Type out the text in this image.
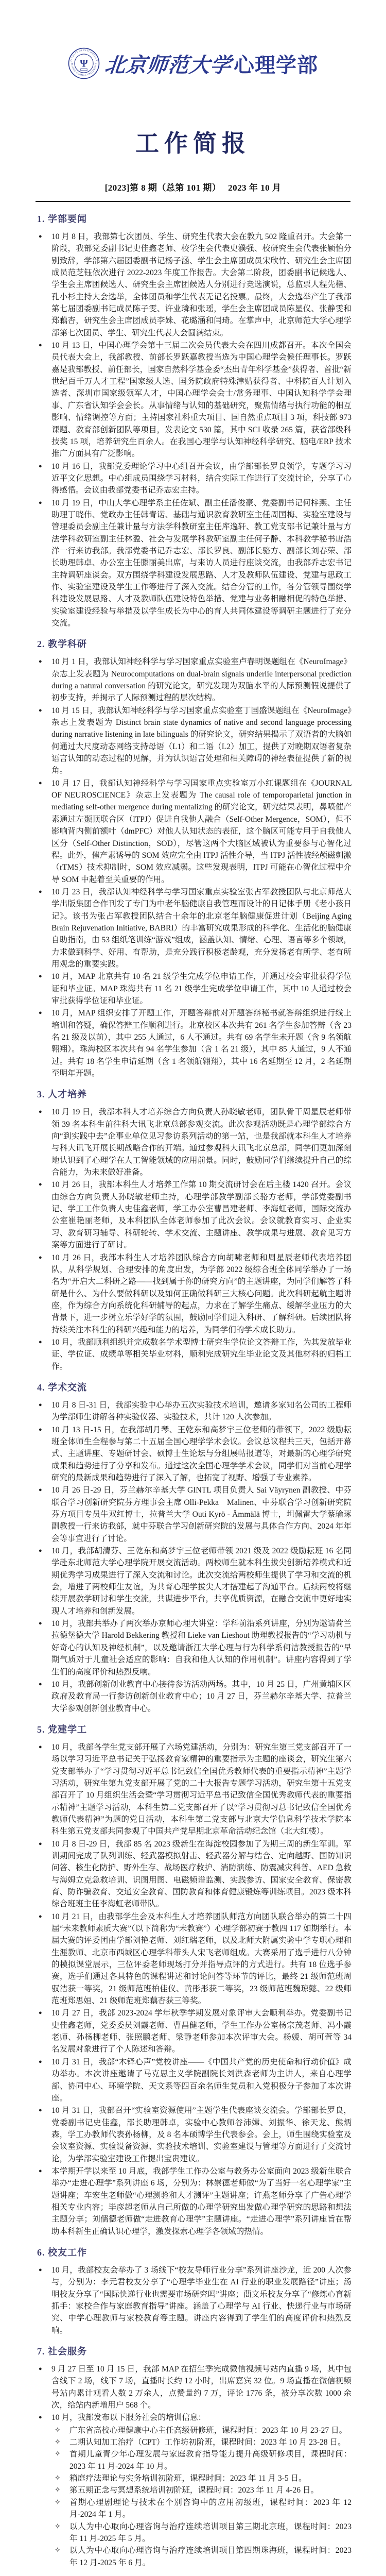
FACULTY OF PSYCHOLOGY
BEIJING NORMAL UNIVERSITY
Ψ 北京师范大学心理学部
工作简报
[2023]第 8 期（总第 101 期）　 2023 年 10 月
1. 学部要闻
● 10 月 8 日，我部第七次团员、学生、研究生代表大会在教九 502 隆重召开。大会第一阶段，我部党委副书记史佳鑫老师、校学生会代表史濮强、校研究生会代表张颖怡分别致辞，学部第六届团委副书记杨子涵、学生会主席团成员宋欣竹、研究生会主席团成员范芝钰依次进行 2022-2023 年度工作报告。大会第二阶段，团委副书记候选人、学生会主席团候选人、研究生会主席团候选人分别进行竞选演说，总监票人程先楷、孔小杉主持大会选举，全体团员和学生代表无记名投票。最终，大会选举产生了我部第七届团委副书记成员陈子雯、许业璘和张瑶，学生会主席团成员陈星仪、张静雯和郑藕杏，研究生会主席团成员李姝、花璐涵和闫琦。在掌声中，北京师范大学心理学部第七次团员、学生、研究生代表大会圆满结束。
● 10 月 13 日，中国心理学会第十三届二次会员代表大会在四川成都召开。本次全国会员代表大会上，我部教授、前部长罗跃嘉教授当选为中国心理学会候任理事长。罗跃嘉是我部教授、前任部长，国家自然科学基金委“杰出青年科学基金”获得者、首批“新世纪百千万人才工程”国家级人选、国务院政府特殊津贴获得者、中科院百人计划入选者、深圳市国家级领军人才，中国心理学会会士/常务理事、中国认知科学学会理事、广东省认知学会会长。从事情绪与认知的基础研究，聚焦情绪与执行功能的相互影响、情绪调控等方面；主持国家社科重大项目、国自然重点项目 3 项，科技部 973 课题、教育部创新团队等项目，发表论文 530 篇，其中 SCI 收录 265 篇，获省部级科技奖 15 项，培养研究生百余人。在我国心理学与认知神经科学研究、脑电/ERP 技术推广方面具有广泛影响。
● 10 月 16 日，我部党委理论学习中心组召开会议，由学部部长罗良领学，专题学习习近平文化思想。中心组成员围绕学习材料，结合实际工作进行了交流讨论，分享了心得感悟。会议由我部党委书记乔志宏主持。
● 10 月 19 日，中山大学心理学系主任佐斌、副主任潘俊豪、党委副书记何梓燕、主任助理丁晓伟、党政办主任韩青诺、基础与通识教育教研室主任周国梅、实验室建设与管理委员会副主任兼计量与方法学科教研室主任库逸轩、教工党支部书记兼计量与方法学科教研室副主任林盈、社会与发展学科教研室副主任何子静、本科教学秘书唐浩洋一行来访我部。我部党委书记乔志宏、部长罗良、副部长骆方、副部长刘春荣、部长助理韩卓、办公室主任滕丽美出席，与来访人员进行座谈交流，由我部乔志宏书记主持调研座谈会。双方围绕学科建设发展思路、人才及教师队伍建设、党建与思政工作、实验室建设及学生工作等进行了深入交流。结合分管的工作，各分管领导围绕学科建设发展思路、人才及教师队伍建设特色举措、党建与业务相融相促的特色举措、实验室建设经验与举措及以学生成长为中心的育人共同体建设等调研主题进行了充分交流。
2. 教学科研
● 10 月 1 日，我部认知神经科学与学习国家重点实验室卢春明课题组在《NeuroImage》杂志上发表题为 Neurocomputations on dual-brain signals underlie interpersonal prediction during a natural conversation 的研究论文，研究发现为双脑水平的人际预测假说提供了初步支持，并揭示了人际预测过程的层次结构。
● 10 月 15 日，我部认知神经科学与学习国家重点实验室丁国盛课题组在《NeuroImage》杂志上发表题为 Distinct brain state dynamics of native and second language processing during narrative listening in late bilinguals 的研究论文，研究结果揭示了双语者的大脑如何通过大尺度动态网络支持母语（L1）和二语（L2）加工，提供了对晚期双语者复杂语言认知的动态过程的见解，并为认识语言处理和相关障碍的神经表征提供了新的视角。
● 10 月 17 日，我部认知神经科学与学习国家重点实验室万小红课题组在《JOURNAL　　OF NEUROSCIENCE》杂志上发表题为 The causal role of temporoparietal junction in mediating self-other mergence during mentalizing 的研究论文，研究结果表明，鼻喷催产素通过左颞顶联合区（lTPJ）促进自我他人融合（Self-Other Mergence，SOM），但不影响背内侧前额叶（dmPFC）对他人认知状态的表征，这个脑区可能专用于自我他人区分（Self-Other Distinction，SOD），尽管这两个大脑区域被认为重要参与心智化过程。此外，催产素诱导的 SOM 效应完全由 lTPJ 活性介导，当 lTPJ 活性被经颅磁刺激（rTMS）技术抑制时，SOM 效应减弱。这些发现表明，lTPJ 可能在心智化过程中介导 SOM 中起着至关重要的作用。
● 10 月 23 日，我部认知神经科学与学习国家重点实验室张占军教授团队与北京师范大学出版集团合作刊发了专门为中老年脑健康自我管理而设计的日记体手册《老小孩日记》。该书为张占军教授团队结合十余年的北京老年脑健康促进计划（Beijing Aging Brain Rejuvenation Initiative, BABRI）的丰富研究成果形成的科学化、生活化的脑健康自助指南，由 53 组纸笔训练“游戏”组成，涵盖认知、情绪、心理、语言等多个领域，力求做到科学、好用、有帮助，是充分践行积极老龄观，充分发扬老有所学、老有所用观念的重要实践。
● 10 月，MAP 北京共有 10 名 21 级学生完成学位申请工作，并通过校会审批获得学位证和毕业证。MAP 珠海共有 11 名 21 级学生完成学位申请工作，其中 10 人通过校会审批获得学位证和毕业证。
● 10 月，MAP 组织安排了开题工作，开题答辩前对开题答辩秘书就答辩组织进行线上培训和答疑，确保答辩工作顺利进行。北京校区本次共有 261 名学生参加答辩（含 23 名 21 级及以前），其中 255 人通过，6 人不通过。共有 69 名学生未开题（含 9 名领航翱翔）。珠海校区本次共有 94 名学生参加（含 1 名 21 级），其中 85 人通过，9 人不通过。共有 18 名学生申请延期（含 1 名领航翱翔），其中 16 名延期至 12 月，2 名延期至明年开题。
3. 人才培养
● 10 月 19 日，我部本科人才培养综合方向负责人孙晓敏老师，团队骨干周星辰老师带领 39 名本科生前往科大讯飞北京总部参观交流。此次参观活动既是心理学部综合方向“到实践中去”企事业单位见习参访系列活动的第一站，也是我部就本科生人才培养与科大讯飞开展长期战略合作的开端。通过参观科大讯飞北京总部，同学们更加深刻地认识到了心理学在人工智能领域的应用前景。同时，鼓励同学们继续提升自己的综合能力，为未来做好准备。
● 10 月 26 日，我部本科生人才培养工作第 10 期交流研讨会在后主楼 1420 召开。会议由综合方向负责人孙晓敏老师主持，心理学部教学副部长骆方老师，学部党委副书记、学工工作负责人史佳鑫老师，学工办公室曹昌建老师、李海虹老师，国际交流办公室崔艳丽老师，及本科团队全体老师参加了此次会议。会议就教育实习、企业实习、教育研习辅导、科研轮转、学术交流、主题讲座、教学成果与进展、教育见习方案等方面进行了研讨。
● 10 月 26 日，我部本科生人才培养团队综合方向胡啸老师和周星辰老师代表培养团队，从科学规划、合理安排的角度出发，为学部 2022 级综合班全体同学举办了一场名为“开启大二科研之路——找到属于你的研究方向”的主题讲座，为同学们解答了科研是什么、为什么要做科研以及如何正确做科研三大核心问题。此次科研起航主题讲座，作为综合方向系统化科研辅导的起点，力求在了解学生痛点、缓解学业压力的大背景下，进一步树立乐学好学的氛围，鼓励同学们进入科研、了解科研。后续团队将持续关注本科生的科研兴趣和能力的培养，为同学们的学术成长助力。
● 10 月，我部顺利组织并完成数名学术型博士研究生学位论文答辩工作，为其发放毕业证、学位证、成绩单等相关毕业材料，顺利完成研究生毕业论文及其他材料的归档工作。
4. 学术交流
● 10 月 8 日-31 日，我部实验中心举办五次实验技术培训，邀请多家知名公司的工程师为学部师生讲解各种实验仪器、实验技术，共计 120 人次参加。
● 10 月 13 日-15 日，在我部胡月琴、王乾东和高梦宇三位老师的带领下，2022 级励耘班全体师生全程参与第二十五届全国心理学学术会议。会议总议程共三天，包括开幕式、主题讲座、专题研讨会、硕博士生论坛与分组展帖报道等，对最新的心理学研究成果和趋势进行了分享和发布。通过这次全国心理学学术会议，同学们对当前心理学研究的最新成果和趋势进行了深入了解，也拓宽了视野、增强了专业素养。
● 10 月 26 日-29 日，芬兰赫尔辛基大学 GINTL 项目负责人 Sai Väyrynen 副教授、中芬联合学习创新研究院芬方理事会主席 Olli-Pekka　Malinen、中芬联合学习创新研究院芬方项目专员牛双红博士，拉普兰大学 Outi Kyrö - Ämmälä 博士，坦佩雷大学蔡瑜琢副教授一行来访我部，就中芬联合学习创新研究院的发展与具体合作方向、2024 年年会等事宜进行了讨论。
● 10 月，我部胡清芬、王乾东和高梦宇三位老师带领 2021 级及 2022 级励耘班 16 名同学赴东北师范大学心理学院开展交流活动。两校师生就本科生拔尖创新培养模式和近期优秀学习成果进行了深入交流和讨论。此次交流给两校师生提供了学习和交流的机会，增进了两校师生友谊，为共育心理学拔尖人才搭建起了沟通平台。后续两校将继续开展教学研讨和学生交流，共谋进步平台，共享优质资源，在融合交流中更好地实现人才培养和创新发展。
● 10 月，我部共举办了两次举办京师心理大讲堂：学科前沿系列讲座，分别为邀请荷兰拉德堡德大学 Harold Bekkering 教授和 Lieke van Lieshout 助理教授报告的“学习动机与好奇心的认知及神经机制”，以及邀请浙江大学心理与行为科学系何洁教授报告的“早期气质对于儿童社会适应的影响：自我和他人认知的作用机制”。讲座内容得到了学生们的高度评价和热烈反响。
● 10 月，我部创新创业教育中心接待参访活动两场。其中，10 月 25 日，广州黄埔区区政府及教育局一行参访创新创业教育中心；10 月 27 日，芬兰赫尔辛基大学、拉普兰大学参观创新创业教育中心。
5. 党建学工
● 10 月，我部各学生党支部开展了六场党建活动，分别为：研究生第三党支部召开了一场以学习习近平总书记关于弘扬教育家精神的重要指示为主题的座谈会，研究生第六党支部举办了“学习贯彻习近平总书记致信全国优秀教师代表的重要指示精神”主题学习活动，研究生第九党支部开展了党的二十大报告专题学习活动，研究生第十五党支部召开了 10 月组织生活会暨“学习贯彻习近平总书记致信全国优秀教师代表的重要指示精神”主题学习活动，本科生第二党支部召开了以“学习贯彻习总书记致信全国优秀教师代表精神”为题的党日活动，本科生第二党支部与北京大学信息科学技术学院本科生第五党支部共同参观了中国共产党早期北京革命活动纪念馆（北大红楼）。
● 10 月 8 日-29 日，我部 85 名 2023 级新生在海淀校园参加了为期三周的新生军训。军训期间完成了队列训练、轻武器模拟射击、轻武器分解与结合、定向越野、国防知识问答、核生化防护、野外生存、战场医疗救护、消防演练、防震减灾科普、AED 急救与海姆立克急救培训、识图用图、电磁频谱监测、实践参访、国家安全教育、保密教育、防诈骗教育、交通安全教育、国防教育和体育健康锻炼等训练项目。2023 级本科综合班班主任李海虹老师带队。
● 10 月 21 日，由我部学生会及本科生人才培养团队师范方向团队联合举办的第二十四届“未来教师素质大赛”（以下简称为“未教赛”）心理学部初赛于教四 117 如期举行。本届大赛的评委团由学部刘艳老师、刘红瑞老师，以及北师大附属实验中学专职心理和生涯教师、北京市西城区心理学科带头人宋飞老师组成。大赛采用了选手进行八分钟的模拟课堂展示，三位评委老师现场打分并指导点评的方式进行。共有 18 位选手参赛，选手们通过各具特色的课程讲述和讨论问答等环节的评比，最终 21 级师范班周驭洁获一等奖，21 级师范班柏佳仪、黄彤彤获二等奖，23 级师范班魏琼懿、22 级师范班郑思姮、21 级师范班郑藕杏获三等奖。
● 10 月 27 日，我部 2023-2024 学年秋季学期发展对象评审大会顺利举办。党委副书记史佳鑫老师，党委委员刘霞老师、曹昌健老师，学生工作办公室杨宗茂老师、冯小霞老师、孙杨柳老师、张照鹏老师、梁静老师参加本次评审大会。杨媛、胡可萱等 34 名发展对象进行了个人陈述和答辩。
● 10 月 31 日，我部“木铎心声”党校讲座——《中国共产党的历史使命和行动价值》成功举办。本次讲座邀请了马克思主义学院副院长刘洪森老师为主讲人，来自心理学部、协同中心、环境学院、天文系等四百余名师生党员和入党积极分子参加了本次讲座。
● 10 月 31 日，我部召开“实验室资源使用”主题学生代表座谈交流会。学部部长罗良，党委副书记史佳鑫，部长助理韩卓，实验中心教师谷沛嫦、刘振华、徐天龙、熊炳森，学工办教师代表孙杨柳，及 8 名本硕博学生代表参会。会上，师生围绕实验室及会议室资源、实验设备资源、实验技术培训、实验室建设与管理等方面进行了交流讨论，为学部实验室建设工作提出宝贵建议。
● 本学期开学以来至 10 月底，我部学生工作办公室与教务办公室面向 2023 级新生联合举办“走进心理学”系列讲座 6 场，分别为：林崇德老师做“为了当好一名心理学家”主题讲座；车宏生老师做“心理测验和人才测评”主题讲座；许燕老师分享了广告心理学相关专业内容；毕彦超老师从自己所做的心理学研究出发做心理学研究的思路和想法主题分享；刘儒德老师做“走进教育心理学”主题讲座。“走进心理学”系列讲座旨在帮助本科新生正确认识心理学，激发探索心理学各领域的热情。
6. 校友工作
● 10 月，我部校友会举办了 3 场线下“校友导师行业分享”系列讲座沙龙，近 200 人次参与，分别为：李元君校友分享了“心理学毕业生在 AI 行业的职业发展路径”讲座；汤明校友分享了“国际快递行业也需要市场研究吗”讲座；蔄文乐校友分享了“修炼心育新抓手：家校合作与家庭教育指导”讲座。涵盖了心理学与 AI 行业、快递行业与市场研究、中学心理教师与家校教育等主题。讲座内容得到了学生们的高度评价和热烈反响。
7. 社会服务
● 9 月 27 日至 10 月 15 日，我部 MAP 在招生季完成微信视频号站内直播 9 场，其中包含线下 2 场，线下 7 场，直播时长约 12 小时，出席嘉宾 32 位。9 场直播在微信视频号站内累计观看人数 2 万余人，点赞量约 7 万，评论 1776 条，被分享次数 1000 余次，给站内新增用户 568 个。
● 10 月，我部发布以下服务社会的培训信息：
✧ 广东省高校心理健康中心主任高级研修班，课程时间：2023 年 10 月 23-27 日。
✧ 二期认知加工治疗（CPT）工作坊初阶班，课程时间：2023 年 10 月 23-28 日。
✧ 首期儿童青少年心理发展与家庭教育指导能力提升高级研修项目，课程时间：2023 年 11 月-2024 年 10 月。
✧ 箱庭疗法理论与实务培训初阶班，课程时间：2023 年 11 月 3-5 日。
✧ 第五期正念与冥想系统培训初阶班，课程时间：2023 年 11 月 4-26 日。
✧ 首期心理剧理论与技术在个别咨询中的应用初级班，课程时间：2023 年 12 月-2024 年 1 月。
✧ 以人为中心取向心理咨询与治疗连续培训项目第三期北京班，课程时间：2023 年 11 月-2025 年 5 月。
✧ 以人为中心取向心理咨询与治疗连续培训项目第四期珠海班，课程时间：2023 年 12 月-2025 年 6 月。
